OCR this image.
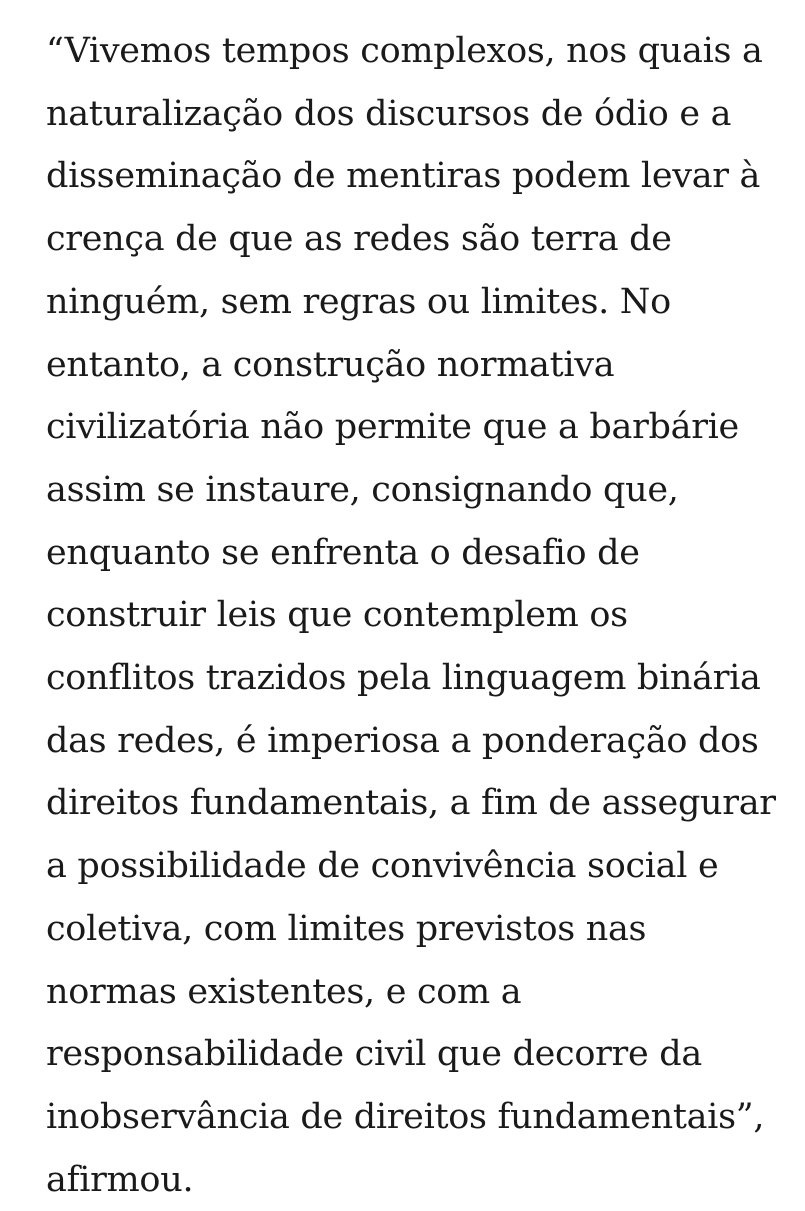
“Vivemos tempos complexos, nos quais a
naturalização dos discursos de ódio e a
disseminação de mentiras podem levar à
crença de que as redes são terra de
ninguém, sem regras ou limites. No
entanto, a construção normativa
civilizatória não permite que a barbárie
assim se instaure, consignando que,
enquanto se enfrenta o desafio de
construir leis que contemplem os
conflitos trazidos pela linguagem binária
das redes, é imperiosa a ponderação dos
direitos fundamentais, a fim de assegurar
a possibilidade de convivência social e
coletiva, com limites previstos nas
normas existentes, e com a
responsabilidade civil que decorre da
inobservância de direitos fundamentais”,
afirmou.
